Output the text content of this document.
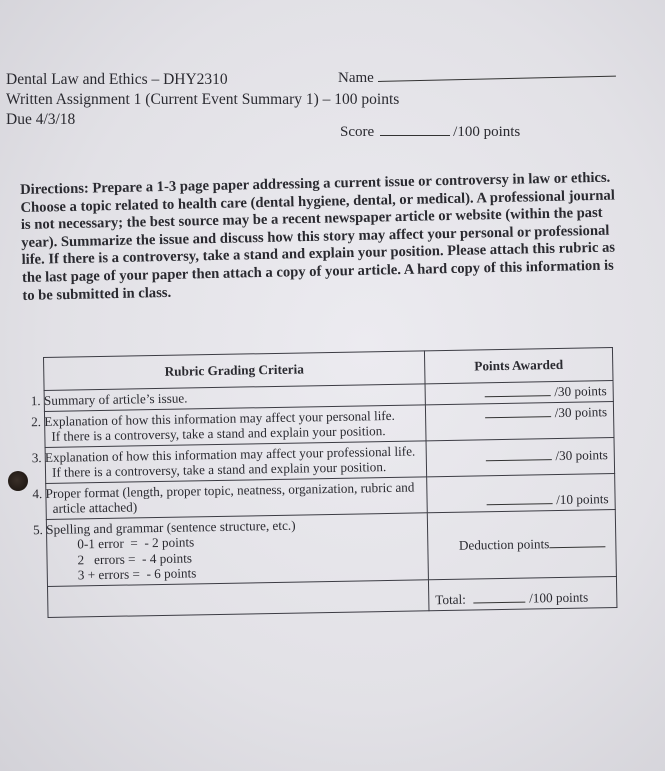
Dental Law and Ethics – DHY2310
Written Assignment 1 (Current Event Summary 1) – 100 points
Due 4/3/18
Name
Score	/100 points
Directions: Prepare a 1-3 page paper addressing a current issue or controversy in law or ethics. Choose a topic related to health care (dental hygiene, dental, or medical). A professional journal is not necessary; the best source may be a recent newspaper article or website (within the past year). Summarize the issue and discuss how this story may affect your personal or professional life. If there is a controversy, take a stand and explain your position. Please attach this rubric as the last page of your paper then attach a copy of your article. A hard copy of this information is to be submitted in class.
Rubric Grading Criteria	Points Awarded
1. Summary of article’s issue.	/30 points
2. Explanation of how this information may affect your personal life.
If there is a controversy, take a stand and explain your position.	/30 points
3. Explanation of how this information may affect your professional life.
If there is a controversy, take a stand and explain your position.	/30 points
4. Proper format (length, proper topic, neatness, organization, rubric and article attached)	/10 points
5. Spelling and grammar (sentence structure, etc.)
0-1 error  =  - 2 points
2   errors =  - 4 points
3 + errors =  - 6 points	Deduction points
	Total: /100 points
